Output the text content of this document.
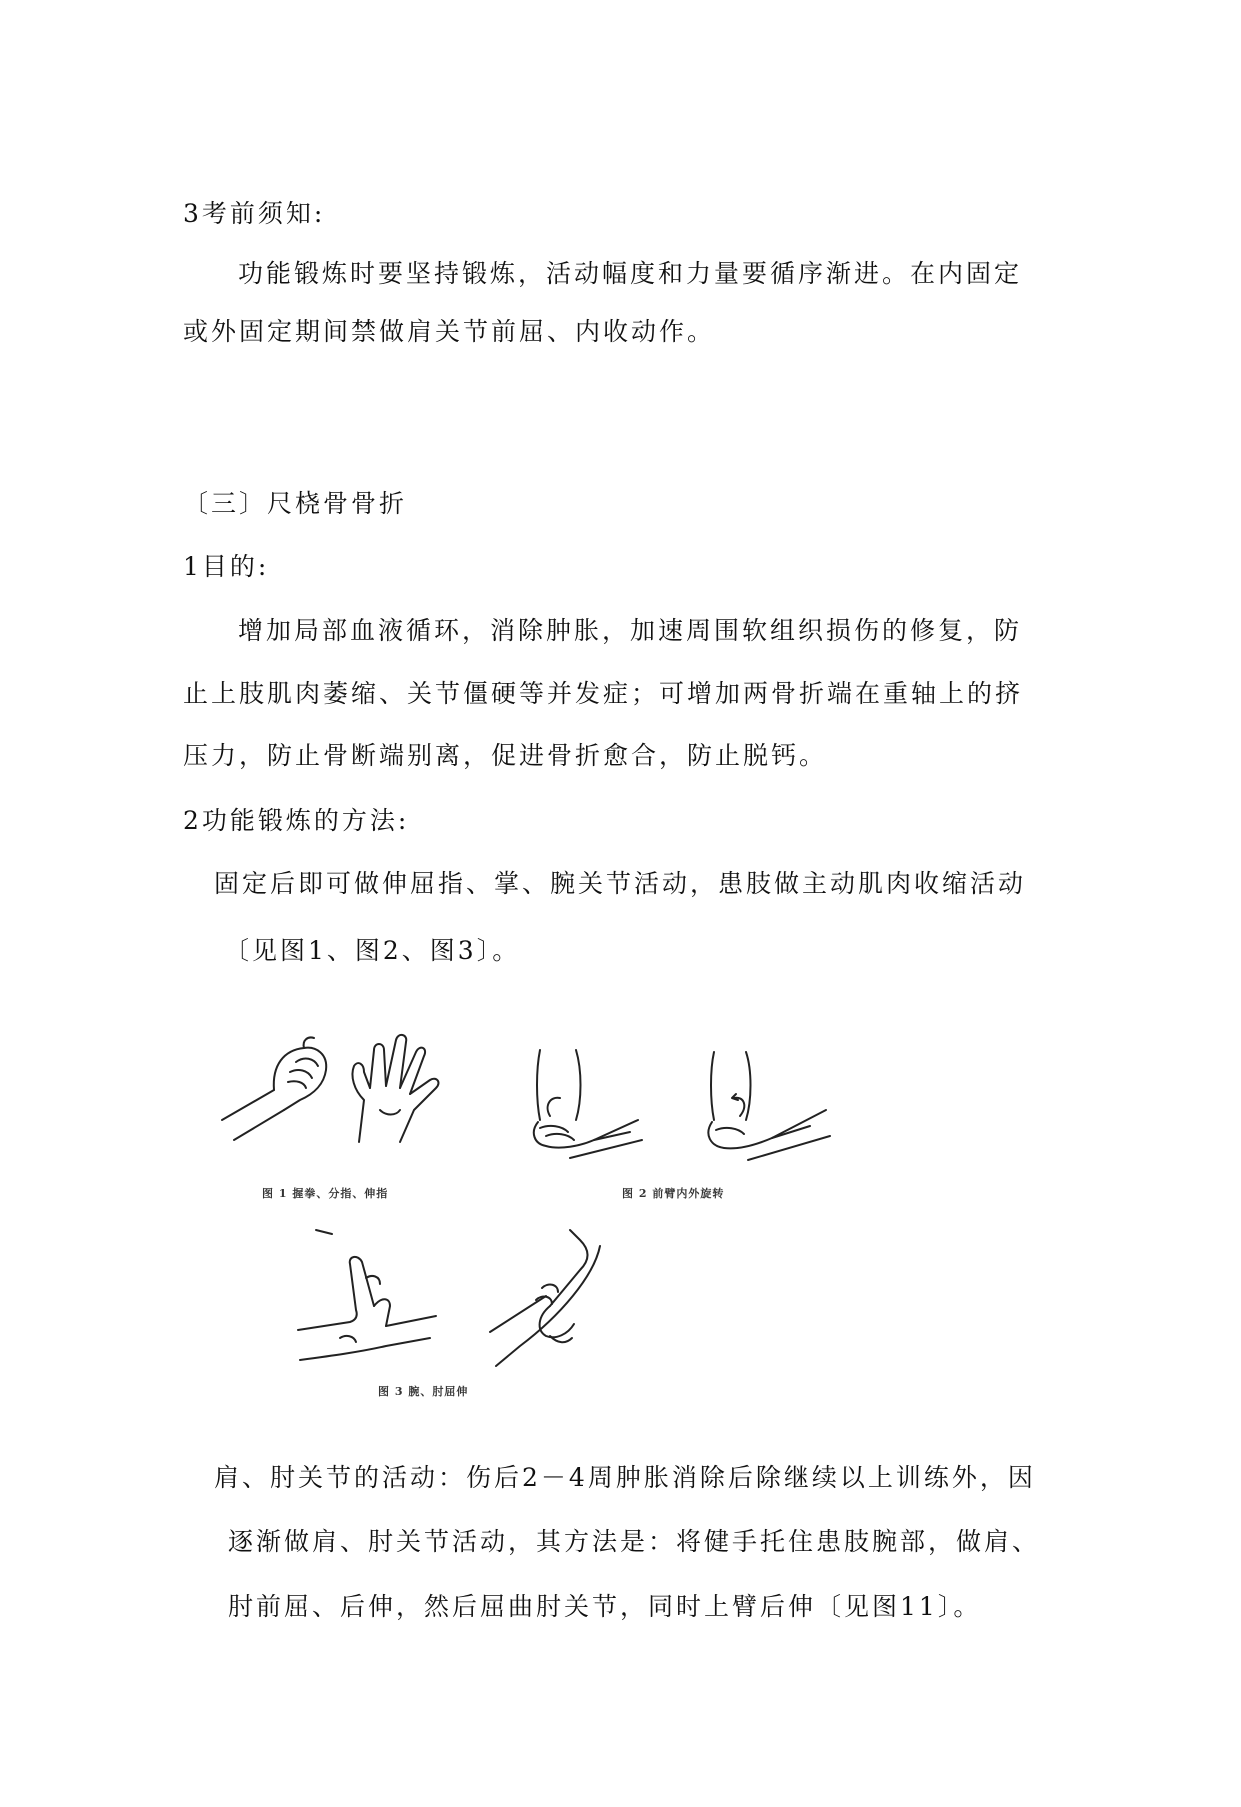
3考前须知:
功能锻炼时要坚持锻炼，活动幅度和力量要循序渐进。在内固定
或外固定期间禁做肩关节前屈、内收动作。
〔三〕尺桡骨骨折
1目的:
增加局部血液循环，消除肿胀，加速周围软组织损伤的修复，防
止上肢肌肉萎缩、关节僵硬等并发症；可增加两骨折端在重轴上的挤
压力，防止骨断端别离，促进骨折愈合，防止脱钙。
2功能锻炼的方法:
固定后即可做伸屈指、掌、腕关节活动，患肢做主动肌肉收缩活动
〔见图1、图2、图3〕。
图 1 握拳、分指、伸指	图 2 前臂内外旋转
图 3 腕、肘屈伸
肩、肘关节的活动：伤后2－4周肿胀消除后除继续以上训练外，因
逐渐做肩、肘关节活动，其方法是：将健手托住患肢腕部，做肩、
肘前屈、后伸，然后屈曲肘关节，同时上臂后伸〔见图11〕。
